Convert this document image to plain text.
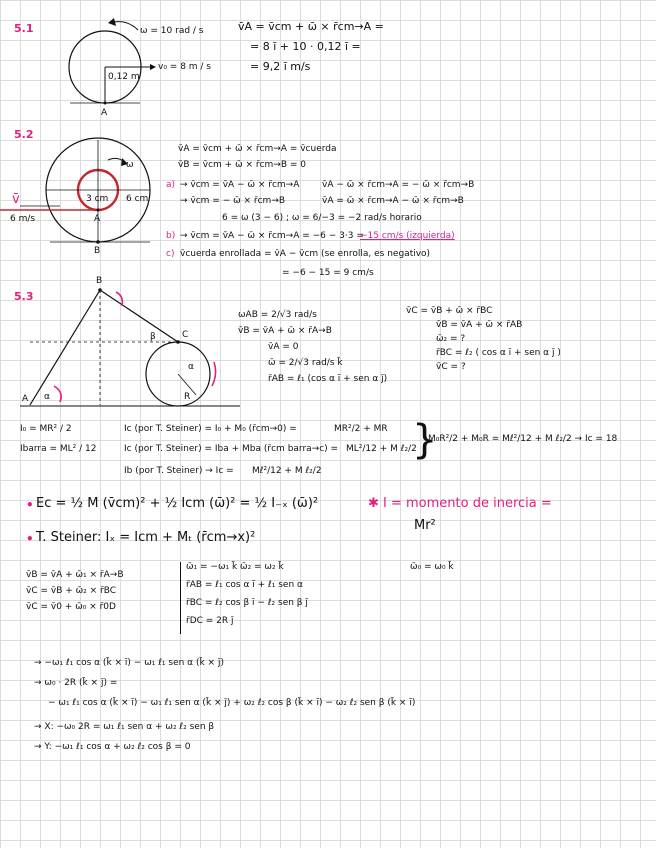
5.1	ω = 10 rad / s
0,12 m
v₀ = 8 m / s
A
v̄A = v̄cm + ω̄ × r̄cm→A =
= 8 ī + 10 · 0,12 ī =
= 9,2 ī m/s
5.2
ω
3 cm 6 cm
v̄
6 m/s	A
B
v̄A = v̄cm + ω̄ × r̄cm→A = v̄cuerda
v̄B = v̄cm + ω̄ × r̄cm→B = 0
a) → v̄cm = v̄A − ω̄ × r̄cm→A
→ v̄cm = − ω̄ × r̄cm→B
v̄A − ω̄ × r̄cm→A = − ω̄ × r̄cm→B
v̄A = ω̄ × r̄cm→A − ω̄ × r̄cm→B
6 = ω (3 − 6) ; ω = 6/−3 = −2 rad/s horario
b) → v̄cm = v̄A − ω̄ × r̄cm→A = −6 − 3·3 =
−15 cm/s (izquierda)
c) v̄cuerda enrollada = v̄A − v̄cm (se enrolla, es negativo)
= −6 − 15 = 9 cm/s
5.3
B
C
A α
β
R
α
ωAB = 2/√3 rad/s
v̄B = v̄A + ω̄ × r̄A→B
v̄A = 0
ω̄ = 2/√3 rad/s k̄
r̄AB = ℓ₁ (cos α ī + sen α j̄)
v̄C = v̄B + ω̄ × r̄BC
v̄B = v̄A + ω̄ × r̄AB
ω̄₂ = ?
r̄BC = ℓ₂ ( cos α ī + sen α j̄ )
v̄C = ?
I₀ = MR² / 2
Ibarra = ML² / 12
Ic (por T. Steiner) = I₀ + M₀ (r̄cm→0) =	MR²/2 + MR
Ic (por T. Steiner) = Iba + Mba (r̄cm barra→c) = ML²/12 + M ℓ₂/2
Ib (por T. Steiner) → Ic = Mℓ²/12 + M ℓ₂/2
}
M₀R²/2 + M₀R = Mℓ²/12 + M ℓ₂/2 → Ic = 18
• Ec = ½ M (v̄cm)² + ½ Icm (ω̄)² = ½ I₋ₓ (ω̄)²	✱ I = momento de inercia =
Mr²
• T. Steiner: Iₓ = Icm + Mₜ (r̄cm→x)²
v̄B = v̄A + ω̄₁ × r̄A→B
v̄C = v̄B + ω̄₂ × r̄BC
v̄C = v̄0 + ω̄₀ × r̄0D
ω̄₁ = −ω₁ k̄ ω̄₂ = ω₂ k̄
r̄AB = ℓ₁ cos α ī + ℓ₁ sen α
r̄BC = ℓ₂ cos β ī − ℓ₂ sen β j̄
r̄DC = 2R j̄
ω̄₀ = ω₀ k̄
→ −ω₁ ℓ₁ cos α (k̄ × ī) − ω₁ ℓ₁ sen α (k̄ × j̄)
→ ω₀ · 2R (k̄ × j̄) =
− ω₁ ℓ₁ cos α (k̄ × ī) − ω₁ ℓ₁ sen α (k̄ × j̄) + ω₂ ℓ₂ cos β (k̄ × ī) − ω₂ ℓ₂ sen β (k̄ × ī)
→ X: −ω₀ 2R = ω₁ ℓ₁ sen α + ω₂ ℓ₂ sen β
→ Y: −ω₁ ℓ₁ cos α + ω₂ ℓ₂ cos β = 0
